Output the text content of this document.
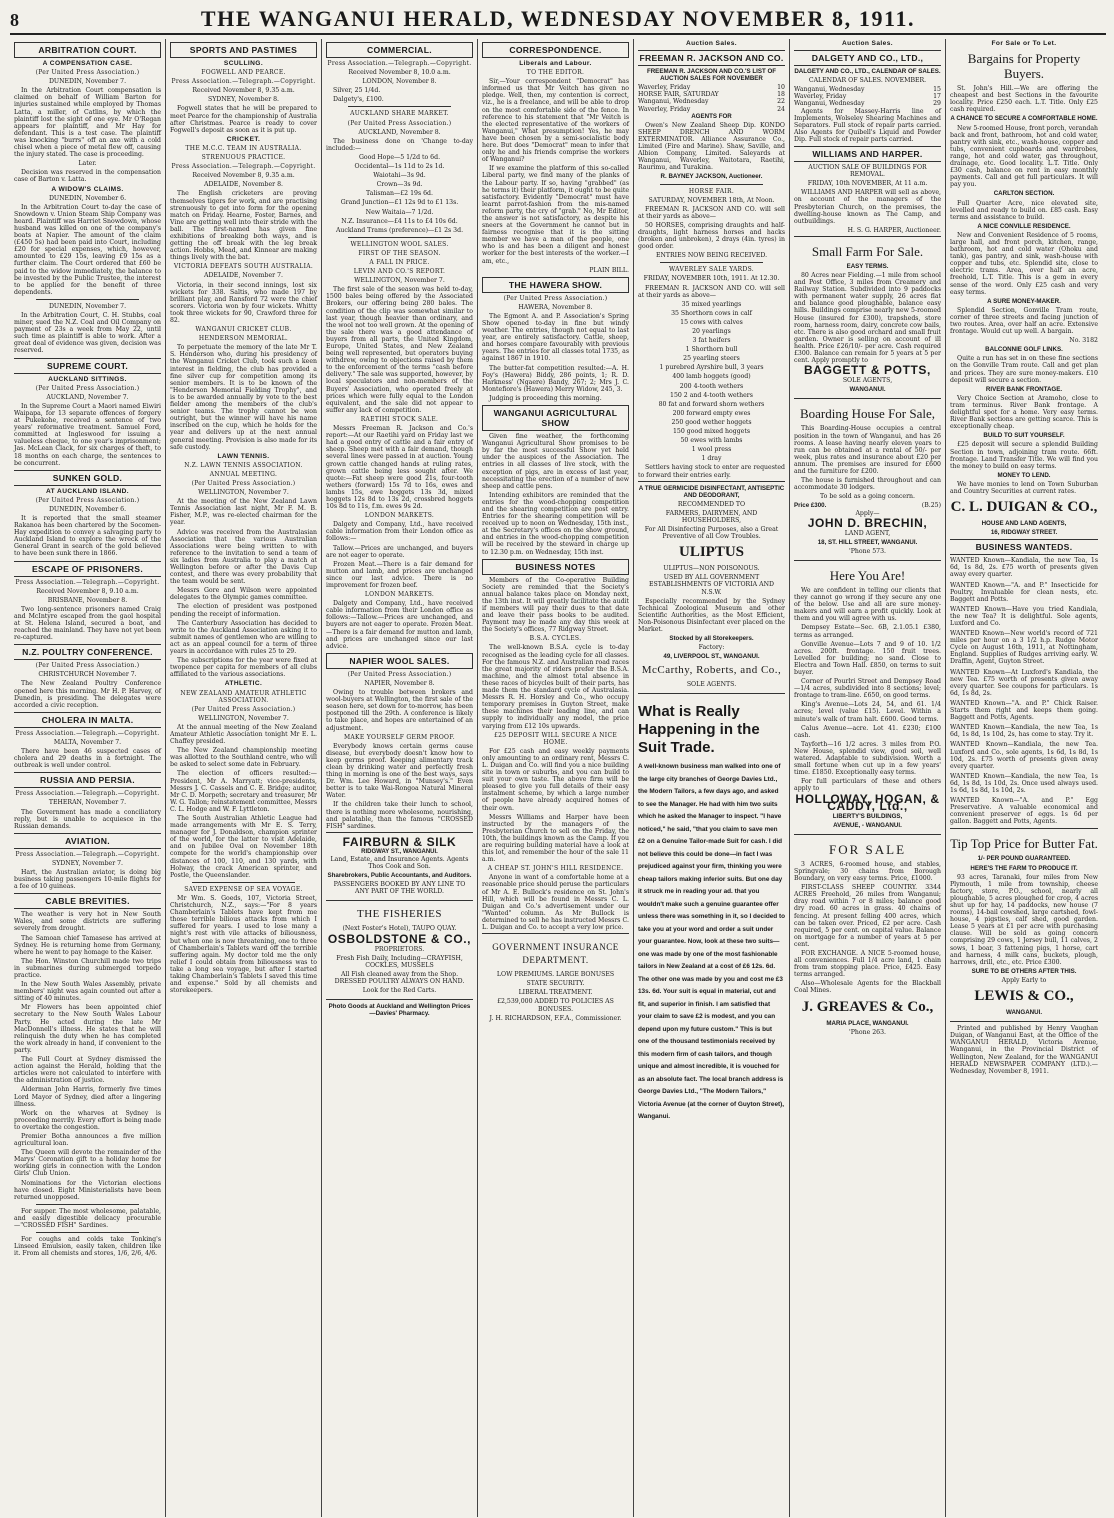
8	THE WANGANUI HERALD, WEDNESDAY NOVEMBER 8, 1911.
ARBITRATION COURT.
A COMPENSATION CASE.
(Per United Press Association.)

DUNEDIN, November 7.

In the Arbitration Court compensation is claimed on behalf of William Barton for injuries sustained while employed by Thomas Latta, a miller, of Catlins, by which the plaintiff lost the sight of one eye. Mr O'Regan appears for plaintiff, and Mr Hay for defendant. This is a test case. The plaintiff was knocking "burrs" off an axe with a cold chisel when a piece of metal flew off, causing the injury stated. The case is proceeding.

Later.

Decision was reserved in the compensation case of Barton v. Latta.

A WIDOW'S CLAIMS.

DUNEDIN, November 6.

In the Arbitration Court to-day the case of Snowdown v. Union Steam Ship Company was heard. Plaintiff was Harriet Snowdown, whose husband was killed on one of the company's boats at Napier. The amount of the claim (£450 5s) had been paid into Court, including £20 for special expenses, which, however, amounted to £29 15s, leaving £9 15s as a further claim. The Court ordered that £60 be paid to the widow immediately, the balance to be invested by the Public Trustee, the interest to be applied for the benefit of three dependents.

DUNEDIN, November 7.

In the Arbitration Court, C. H. Stubbs, coal miner, sued the N.Z. Coal and Oil Company on payment of 23s a week from May 22, until such time as plaintiff is able to work. After a great deal of evidence was given, decision was reserved.

SUPREME COURT.
AUCKLAND SITTINGS.
(Per United Press Association.)

AUCKLAND, November 7.

In the Supreme Court a Maori named Eiwiri Waipapa, for 13 separate offences of forgery at Pukekohe, received a sentence of two years' reformative treatment. Samuel Ford, committed at Ingleswood for issuing a valueless cheque, to one year's imprisonment; Jas. McLean Clack, for six charges of theft, to 18 months on each charge, the sentences to be concurrent.

SUNKEN GOLD.
AT AUCKLAND ISLAND.
(Per United Press Association.)

DUNEDIN, November 6.

It is reported that the small steamer Rakanoa has been chartered by the Socomen-Hay expedition to convey a salvaging party to Auckland Island to explore the wreck of the General Grant in search of the gold believed to have been sunk there in 1866.

ESCAPE OF PRISONERS.
Press Association.—Telegraph.—Copyright.

Received November 8, 9.10 a.m.

BRISBANE, November 8.

Two long-sentence prisoners named Craig and McIntyre escaped from the gaol hospital at St. Helena Island, secured a boat, and reached the mainland. They have not yet been re-captured.

N.Z. POULTRY CONFERENCE.
(Per United Press Association.)

CHRISTCHURCH November 7.

The New Zealand Poultry Conference opened here this morning. Mr H. P. Harvey, of Dunedin, is presiding. The delegates were accorded a civic reception.

CHOLERA IN MALTA.
Press Association.—Telegraph.—Copyright.

MALTA, November 7.

There have been 46 suspected cases of cholera and 29 deaths in a fortnight. The outbreak is well under control.

RUSSIA AND PERSIA.
Press Association.—Telegraph.—Copyright.

TEHERAN, November 7.

The Government has made a conciliatory reply, but is unable to acquiesce in the Russian demands.

AVIATION.
Press Association.—Telegraph.—Copyright.

SYDNEY, November 7.

Hart, the Australian aviator, is doing big business taking passengers 10-mile flights for a fee of 10 guineas.

CABLE BREVITIES.

The weather is very hot in New South Wales, and some districts are suffering severely from drought.

The Samoan chief Tamasese has arrived at Sydney. He is returning home from Germany, where he went to pay homage to the Kaiser.

The Hon. Winston Churchill made two trips in submarines during submerged torpedo practice.

In the New South Wales Assembly, private members' night was again counted out after a sitting of 40 minutes.

Mr Flowers has been appointed chief secretary to the New South Wales Labour Party. He acted during the late Mr MacDonnell's illness. He states that he will relinquish the duty when he has completed the work already in hand, if convenient to the party.

The Full Court at Sydney dismissed the action against the Herald, holding that the articles were not calculated to interfere with the administration of justice.

Alderman John Harris, formerly five times Lord Mayor of Sydney, died after a lingering illness.

Work on the wharves at Sydney is proceeding merrily. Every effort is being made to overtake the congestion.

Premier Botha announces a five million agricultural loan.

The Queen will devote the remainder of the Marys' Coronation gift to a holiday home for working girls in connection with the London Girls' Club Union.

Nominations for the Victorian elections have closed. Eight Ministerialists have been returned unopposed.

For supper. The most wholesome, palatable, and easily digestible delicacy procurable—"CROSSED FISH" Sardines.

For coughs and colds take Tonking's Linseed Emulsion, easily taken, children like it. From all chemists and stores, 1/6, 2/6, 4/6.

SPORTS AND PASTIMES
SCULLING.
FOGWELL AND PEARCE.
Press Association.—Telegraph.—Copyright.

Received November 8, 9.35 a.m.

SYDNEY, November 8.

Fogwell states that he will be prepared to meet Pearce for the championship of Australia after Christmas. Pearce is ready to cover Fogwell's deposit as soon as it is put up.

CRICKET.
THE M.C.C. TEAM IN AUSTRALIA.
STRENUOUS PRACTICE.
Press Association.—Telegraph.—Copyright.

Received November 8, 9.35 a.m.

ADELAIDE, November 8.

The English cricketers are proving themselves tigers for work, and are practising strenuously to get into form for the opening match on Friday. Hearne, Foster, Barnes, and Vine are getting well into their stride with the ball. The first-named has given fine exhibitions of breaking both ways, and is getting the off break with the leg break action. Hobbs, Mead, and Kinnear are making things lively with the bat.

VICTORIA DEFEATS SOUTH AUSTRALIA.

ADELAIDE, November 7.

Victoria, in their second innings, lost six wickets for 338. Saltis, who made 197 by brilliant play, and Ransford 72 were the chief scorers. Victoria won by four wickets. Whitty took three wickets for 90, Crawford three for 82.

WANGANUI CRICKET CLUB.
HENDERSON MEMORIAL.

To perpetuate the memory of the late Mr T. S. Henderson who, during his presidency of the Wanganui Cricket Club, took such a keen interest in fielding, the club has provided a fine silver cup for competition among its senior members. It is to be known of the "Henderson Memorial Fielding Trophy", and is to be awarded annually by vote to the best fielder among the members of the club's senior teams. The trophy cannot be won outright, but the winner will have his name inscribed on the cup, which he holds for the year and delivers up at the next annual general meeting. Provision is also made for its safe custody.

LAWN TENNIS.
N.Z. LAWN TENNIS ASSOCIATION.
ANNUAL MEETING.
(Per United Press Association.)

WELLINGTON, November 7.

At the meeting of the New Zealand Lawn Tennis Association last night, Mr F. M. B. Fisher, M.P., was re-elected chairman for the year.

Advice was received from the Australasian Association that the various Australian Associations were being written to with reference to the invitation to send a team of six ladies from Australia to play a match at Wellington before or after the Davis Cup contest, and there was every probability that the team would be sent.

Messrs Gore and Wilson were appointed delegates to the Olympic games committee.

The election of president was postponed pending the receipt of information.

The Canterbury Association has decided to write to the Auckland Association asking it to submit names of gentlemen who are willing to act as an appeal council for a term of three years in accordance with rules 25 to 29.

The subscriptions for the year were fixed at twopence per capita for members of all clubs affiliated to the various associations.

ATHLETIC.
NEW ZEALAND AMATEUR ATHLETIC ASSOCIATION.
(Per United Press Association.)

WELLINGTON, November 7.

At the annual meeting of the New Zealand Amateur Athletic Association tonight Mr E. L. Chaffey presided.

The New Zealand championship meeting was allotted to the Southland centre, who will be asked to select some date in February.

The election of officers resulted:—President, Mr A. Marryatt; vice-presidents, Messrs J. C. Cassels and C. E. Bridge; auditor, Mr C. D. Morpeth; secretary and treasurer, Mr W. G. Tallon; reinstatement committee, Messrs C. L. Hodge and W. F. Lyttleton.

The South Australian Athletic League had made arrangements with Mr E. S. Terry, manager for J. Donaldson, champion sprinter of the world, for the latter to visit Adelaide, and on Jubilee Oval on November 18th compete for the world's championship over distances of 100, 110, and 130 yards, with Holway, the crack American sprinter, and Postle, the Queenslander.

SAVED EXPENSE OF SEA VOYAGE.

Mr Wm. S. Goeds, 107, Victoria Street, Christchurch, N.Z., says:—"For 8 years Chamberlain's Tablets have kept from me those terrible bilious attacks from which I suffered for years. I used to lose many a night's rest with vile attacks of biliousness, but when one is now threatening, one to three of Chamberlain's Tablets ward off the terrible suffering again. My doctor told me the only relief I could obtain from biliousness was to take a long sea voyage, but after I started taking Chamberlain's Tablets I saved this time and expense." Sold by all chemists and storekeepers.

COMMERCIAL.
Press Association.—Telegraph.—Copyright.

Received November 8, 10.0 a.m.

LONDON, November 8.

Silver, 25 1/4d.

Dalgety's, £100.

AUCKLAND SHARE MARKET.
(Per United Press Association.)

AUCKLAND, November 8.

The business done on 'Change to-day included:—

Good Hope—5 1/2d to 6d.

Occidental—1s 11d to 2s 1d.

Waiotahi—3s 9d.

Crown—3s 9d.

Talisman—£2 19s 6d.

Grand Junction—£1 12s 9d to £1 13s.

New Waitaia—7 1/2d.

N.Z. Insurance—£4 11s to £4 10s 6d.

Auckland Trams (preference)—£1 2s 3d.

WELLINGTON WOOL SALES.
FIRST OF THE SEASON.
A FALL IN PRICE.
LEVIN AND CO.'S REPORT.

WELLINGTON, November 7.

The first sale of the season was held to-day, 1500 bales being offered by the Associated Brokers, our offering being 280 bales. The condition of the clip was somewhat similar to last year, though heavier than ordinary, and the wool not too well grown. At the opening of the sale there was a good attendance of buyers from all parts, the United Kingdom, Europe, United States, and New Zealand being well represented, but operators buying withdrew, owing to objections raised by them to the enforcement of the terms "cash before delivery." The sale was supported, however, by local speculators and non-members of the Buyers' Association, who operated freely at prices which were fully equal to the London equivalent, and the sale did not appear to suffer any lack of competition.

RAETIHI STOCK SALE.

Messrs Freeman R. Jackson and Co.'s report:—At our Raetihi yard on Friday last we had a good entry of cattle and a fair entry of sheep. Sheep met with a fair demand, though several lines were passed in at auction. Young grown cattle changed hands at ruling rates, grown cattle being less sought after. We quote:—Fat sheep were good 21s, four-tooth wethers (forward) 15s 7d to 16s, ewes and lambs 15s, ewe hoggets 13s 3d, mixed hoggets 12s 8d to 13s 2d, crossbred hoggets 10s 8d to 11s, f.m. ewes 9s 2d.

LONDON MARKETS.

Dalgety and Company, Ltd., have received cable information from their London office as follows:—

Tallow.—Prices are unchanged, and buyers are not eager to operate.

Frozen Meat.—There is a fair demand for mutton and lamb, and prices are unchanged since our last advice. There is no improvement for frozen beef.

LONDON MARKETS.

Dalgety and Company, Ltd., have received cable information from their London office as follows:—Tallow.—Prices are unchanged, and buyers are not eager to operate. Frozen Meat.—There is a fair demand for mutton and lamb, and prices are unchanged since our last advice.

NAPIER WOOL SALES.
(Per United Press Association.)

NAPIER, November 8.

Owing to trouble between brokers and wool-buyers at Wellington, the first sale of the season here, set down for to-morrow, has been postponed till the 29th. A conference is likely to take place, and hopes are entertained of an adjustment.

MAKE YOURSELF GERM PROOF.

Everybody knows certain germs cause disease, but everybody doesn't know how to keep germs proof. Keeping alimentary track clean by drinking water and perfectly fresh thing in morning is one of the best ways, says Dr. Wm. Lee Howard, in "Munsey's." Even better is to take Wai-Rongoa Natural Mineral Water.

If the children take their lunch to school, there is nothing more wholesome, nourishing, and palatable, than the famous "CROSSED FISH" sardines.

FAIRBURN & SILK
RIDGWAY ST., WANGANUI.

Land, Estate, and Insurance Agents. Agents Thos Cook and Son.

Sharebrokers, Public Accountants, and Auditors.

PASSENGERS BOOKED BY ANY LINE TO ANY PART OF THE WORLD.

THE FISHERIES

(Next Foster's Hotel), TAUPO QUAY.

OSBOLDSTONE & CO.,

PROPRIETORS.

Fresh Fish Daily, Including—CRAYFISH, COCKLES, MUSSELS

All Fish cleaned away from the Shop. DRESSED POULTRY ALWAYS ON HAND.

Look for the Red Carts.

Photo Goods at Auckland and Wellington Prices—Davies' Pharmacy.

CORRESPONDENCE.
Liberals and Labour.
TO THE EDITOR.

Sir,—Your correspondent "Democrat" has informed us that Mr Veitch has given no pledge. Well, then, my contention is correct, viz., he is a freelance, and will be able to drop on the most comfortable side of the fence. In reference to his statement that "Mr Veitch is the elected representative of the workers of Wanganui," What presumption! Yes, he may have been chosen by a semi-socialistic body here. But does "Democrat" mean to infer that only he and his friends comprise the workers of Wanganui?

If we examine the platform of this so-called Liberal party, we find many of the planks of the Labour party. If so, having "grabbed" (as he terms it) their platform, it ought to be quite satisfactory. Evidently "Democrat" must have learnt parrot-fashion from the mis-named reform party, the cry of "grab." No, Mr Editor, the answer is not satisfactory, as despite his sneers at the Government he cannot but in fairness recognise that it is the sitting member we have a man of the people, one who is and has been a diligent and honest worker for the best interests of the worker.—I am, etc.,

PLAIN BILL.

THE HAWERA SHOW.
(Per United Press Association.)

HAWERA, November 8.

The Egmont A. and P. Association's Spring Show opened to-day in fine but windy weather. The entries, though not equal to last year, are entirely satisfactory. Cattle, sheep, and horses compare favourably with previous years. The entries for all classes total 1735, as against 1867 in 1910.

The butter-fat competition resulted:—A. H. Foy's (Hawera) Biddy, 286 points, 1; R. D. Harkness' (Ngaere) Bandy, 267; 2; Mrs J. C. Montefiore's (Hawera) Merry Widow, 245, 3.

Judging is proceeding this morning.

WANGANUI AGRICULTURAL SHOW

Given fine weather, the forthcoming Wanganui Agricultural Show promises to be by far the most successful Show yet held under the auspices of the Association. The entries in all classes of live stock, with the exception of pigs, are in excess of last year, necessitating the erection of a number of new sheep and cattle pens.

Intending exhibitors are reminded that the entries for the wood-chopping competition and the shearing competition are post entry. Entries for the shearing competition will be received up to noon on Wednesday, 15th inst., at the Secretary's offices on the show ground, and entries in the wood-chopping competition will be received by the steward in charge up to 12.30 p.m. on Wednesday, 15th inst.

BUSINESS NOTES

Members of the Co-operative Building Society are reminded that the Society's annual balance takes place on Monday next, the 13th inst. It will greatly facilitate the audit if members will pay their dues to that date and leave their pass books to be audited. Payment may be made any day this week at the Society's offices, 77 Ridgway Street.

B.S.A. CYCLES.

The well-known B.S.A. cycle is to-day recognised as the leading cycle for all classes. For the famous N.Z. and Australian road races the great majority of riders prefer the B.S.A. machine, and the almost total absence in these races of bicycles built of their parts, has made them the standard cycle of Australasia. Messrs R. H. Horsley and Co., who occupy temporary premises in Guyton Street, make these machines their leading line, and can supply to individually any model, the price varying from £12 10s upwards.

£25 DEPOSIT WILL SECURE A NICE HOME.

For £25 cash and easy weekly payments only amounting to an ordinary rent, Messrs C. L. Duigan and Co. will find you a nice building site in town or suburbs, and you can build to suit your own taste. The above firm will be pleased to give you full details of their easy instalment scheme, by which a large number of people have already acquired homes of their own.

Messrs Williams and Harper have been instructed by the managers of the Presbyterian Church to sell on the Friday, the 10th, the buildings known as the Camp. If you are requiring building material have a look at this lot, and remember the hour of the sale 11 a.m.

A CHEAP ST. JOHN'S HILL RESIDENCE.

Anyone in want of a comfortable home at a reasonable price should peruse the particulars of Mr A. E. Bullock's residence on St. John's Hill, which will be found in Messrs C. L. Duigan and Co.'s advertisement under our "Wanted" column. As Mr Bullock is determined to sell he has instructed Messrs C. L. Duigan and Co. to accept a very low price.

GOVERNMENT INSURANCE DEPARTMENT.

LOW PREMIUMS. LARGE BONUSES

STATE SECURITY.

LIBERAL TREATMENT.

£2,539,000 ADDED TO POLICIES AS BONUSES.

J. H. RICHARDSON, F.F.A., Commissioner.

Auction Sales.
FREEMAN R. JACKSON AND CO.

FREEMAN R. JACKSON AND CO.'S LIST OF AUCTION SALES FOR NOVEMBER

Waverley, Friday	10
HORSE FAIR, SATURDAY	18
Wanganui, Wednesday	22
Waverley, Friday	24

AGENTS FOR

Owen's New Zealand Sheep Dip. KONDO SHEEP DRENCH AND WORM EXTERMINATOR. Alliance Assurance Co., Limited (Fire and Marine). Shaw, Saville, and Albion Company, Limited. Saleyards at Wanganui, Waverley, Waitotara, Raetihi, Raurimu, and Turakina.

R. BAYNEY JACKSON, Auctioneer.

HORSE FAIR.

SATURDAY, NOVEMBER 18th, At Noon.

FREEMAN R. JACKSON AND CO. will sell at their yards as above—

50 HORSES, comprising draughts and half-draughts, light harness horses and hacks (broken and unbroken), 2 drays (4in. tyres) in good order.

ENTRIES NOW BEING RECEIVED.

WAVERLEY SALE YARDS.

FRIDAY, NOVEMBER 10th, 1911. At 12.30.

FREEMAN R. JACKSON AND CO. will sell at their yards as above—

35 mixed yearlings

35 Shorthorn cows in calf

15 cows with calves

20 yearlings

3 fat heifers

1 Shorthorn bull

25 yearling steers

1 purebred Ayrshire bull, 3 years

400 lamb hoggets (good)

200 4-tooth wethers

150 2 and 4-tooth wethers

80 fat and forward shorn wethers

200 forward empty ewes

250 good wether hoggets

150 good mixed hoggets

50 ewes with lambs

1 wool press

1 dray

Settlers having stock to enter are requested to forward their entries early.

A TRUE GERMICIDE DISINFECTANT, ANTISEPTIC AND DEODORANT,

RECOMMENDED TO

FARMERS, DAIRYMEN, AND HOUSEHOLDERS,

For All Disinfecting Purposes, also a Great Preventive of all Cow Troubles.

ULIPTUS

ULIPTUS—NON POISONOUS.

USED BY ALL GOVERNMENT ESTABLISHMENTS OF VICTORIA AND N.S.W.

Especially recommended by the Sydney Technical Zoological Museum and other Scientific Authorities, as the Most Efficient, Non-Poisonous Disinfectant ever placed on the Market.

Stocked by all Storekeepers.

Factory:

49, LIVERPOOL ST., WANGANUI.

McCarthy, Roberts, and Co.,

SOLE AGENTS.

What is Really Happening in the Suit Trade.
A well-known business man walked into one of the large city branches of George Davies Ltd., the Modern Tailors, a few days ago, and asked to see the Manager. He had with him two suits which he asked the Manager to inspect. "I have noticed," he said, "that you claim to save men £2 on a Genuine Tailor-made Suit for cash. I did not believe this could be done—in fact I was prejudiced against your firm, thinking you were cheap tailors making inferior suits. But one day it struck me in reading your ad. that you wouldn't make such a genuine guarantee offer unless there was something in it, so I decided to take you at your word and order a suit under your guarantee. Now, look at these two suits—one was made by one of the most fashionable tailors in New Zealand at a cost of £6 12s. 6d. The other one was made by you and cost me £3 13s. 6d. Your suit is equal in material, cut and fit, and superior in finish. I am satisfied that your claim to save £2 is modest, and you can depend upon my future custom." This is but one of the thousand testimonials received by this modern firm of cash tailors, and though unique and almost incredible, it is vouched for as an absolute fact. The local branch address is George Davies Ltd., "The Modern Tailors," Victoria Avenue (at the corner of Guyton Street), Wanganui.
Auction Sales.
DALGETY AND CO., LTD.,

DALGETY AND CO., LTD., CALENDAR OF SALES.

CALENDAR OF SALES. NOVEMBER.

Wanganui, Wednesday	15
Waverley, Friday	17
Wanganui, Wednesday	29

Agents for Massey-Harris line of Implements, Wolseley Shearing Machines and Separators. Full stock of repair parts carried. Also Agents for Quibell's Liquid and Powder Dip. Full stock of repair parts carried.

WILLIAMS AND HARPER.

AUCTION SALE OF BUILDINGS FOR REMOVAL.

FRIDAY, 10th NOVEMBER, At 11 a.m.

WILLIAMS AND HARPER will sell as above, on account of the managers of the Presbyterian Church, on the premises, the dwelling-house known as The Camp, and outbuildings.

H. S. G. HARPER, Auctioneer.

Small Farm For Sale.

EASY TERMS.

80 Acres near Fielding.—1 mile from school and Post Office, 3 miles from Creamery and Railway Station. Subdivided into 9 paddocks with permanent water supply, 26 acres flat and balance good ploughable, balance easy hills. Buildings comprise nearly new 5-roomed House (insured for £300), trapsheds, store room, harness room, dairy, concrete cow bails, etc. There is also good orchard and small fruit garden. Owner is selling on account of ill health. Price £26/10/- per acre. Cash required £300. Balance can remain for 5 years at 5 per cent. Apply promptly to

BAGGETT & POTTS,

SOLE AGENTS,

WANGANUI.

Boarding House For Sale,

This Boarding-House occupies a central position in the town of Wanganui, and has 26 rooms. A lease having nearly eleven years to run can be obtained at a rental of 50/- per week, plus rates and insurance about £20 per annum. The premises are insured for £600 and the furniture for £200.

The house is furnished throughout and can accommodate 30 lodgers.

To be sold as a going concern.

Price £300.	(B.25)

Apply—

JOHN D. BRECHIN,

LAND AGENT,

18, ST. HILL STREET, WANGANUI.

'Phone 573.

Here You Are!

We are confident in telling our clients that they cannot go wrong if they secure any one of the below. Use and all are sure money-makers and will earn a profit quickly. Look at them and you will agree with us.

Dempsey Estate—Sec. 6B, 2.1.05.1 £380, terms as arranged.

Gonville Avenue—Lots 7 and 9 of 10. 1/2 acres. 200ft. frontage. 150 fruit trees. Levelled for building; no sand. Close to Electra and Town Hall. £850, on terms to suit buyer.

Corner of Pourlri Street and Dempsey Road—1/4 acres, subdivided into 8 sections; level; frontage to tram-line. £650, on good terms.

King's Avenue—Lots 24, 54, and 61. 1/4 acres; level (value £15). Level. Within a minute's walk of tram halt. £600. Good terms.

Calus Avenue—acre. Lot 41. £230; £100 cash.

Tayforth—16 1/2 acres. 3 miles from P.O. New House, splendid view, good soil, well watered. Adaptable to subdivision. Worth a small fortune when cut up in a few years' time. £1850. Exceptionally easy terms.

For full particulars of these and others apply to

HOLLOWAY, HOGAN, & CADDY, Ltd.,

LIBERTY'S BUILDINGS,

AVENUE, - WANGANUI.

FOR SALE

3 ACRES, 6-roomed house, and stables, Springvale; 30 chains from Borough Boundary, on very easy terms. Price, £1000.

FIRST-CLASS SHEEP COUNTRY. 3344 ACRES Freehold, 26 miles from Wanganui; dray road within 7 or 8 miles; balance good dry road. 60 acres in grass. 40 chains of fencing. At present felling 400 acres, which can be taken over. Priced, £2 per acre. Cash required, 5 per cent. on capital value. Balance on mortgage for a number of years at 5 per cent.

FOR EXCHANGE. A NICE 5-roomed house, all conveniences. Full 1/4 acre land, 1 chain from tram stopping place. Price, £425. Easy terms arranged.

Also—Wholesale Agents for the Blackball Coal Mines.

J. GREAVES & Co.,

MARIA PLACE, WANGANUI.

'Phone 263.

For Sale or To Let.
Bargains for Property Buyers.

St. John's Hill.—We are offering the cheapest and best Sections in the favourite locality. Price £250 each. L.T. Title. Only £25 cash required.

A CHANCE TO SECURE A COMFORTABLE HOME.

New 5-roomed House, front porch, verandah back and front, bathroom, hot and cold water, pantry with sink, etc., wash-house, copper and tubs, convenient cupboards and wardrobes, range, hot and cold water, gas throughout, drainage, etc. Good locality. L.T. Title. Only £30 cash, balance on rent in easy monthly payments. Call and get full particulars. It will pay you.

CARLTON SECTION.

Full Quarter Acre, nice elevated site, levelled and ready to build on. £85 cash. Easy terms and assistance to build.

A NICE CONVILLE RESIDENCE.

New and Convenient Residence of 5 rooms, large hall, and front porch, kitchen, range, bathroom, hot and cold water (Ohoku and tank), gas pantry, and sink, wash-house with copper and tubs, etc. Splendid site, close to electric trams. Area, over half an acre, freehold, L.T. Title. This is a gem in every sense of the word. Only £25 cash and very easy terms.

A SURE MONEY-MAKER.

Splendid Section, Gonville Tram route, corner of three streets and facing junction of two routes. Area, over half an acre. Extensive frontage. Would cut up well. A bargain.

No. 3182

BALCONNIE GOLF LINKS.

Quite a run has set in on these fine sections on the Gonville Tram route. Call and get plan and prices. They are sure money-makers. £10 deposit will secure a section.

RIVER BANK FRONTAGE.

Very Choice Section at Aramoho, close to tram terminus. River Bank frontage. A delightful spot for a home. Very easy terms. River Bank sections are getting scarce. This is exceptionally cheap.

BUILD TO SUIT YOURSELF.

£25 deposit will secure a splendid Building Section in town, adjoining tram route. 66ft. frontage. Land Transfer Title. We will find you the money to build on easy terms.

MONEY TO LEND.

We have monies to lend on Town Suburban and Country Securities at current rates.

C. L. DUIGAN & CO.,

HOUSE AND LAND AGENTS,

16, RIDGWAY STREET.

BUSINESS WANTEDS.

WANTED Known—Kandiala, the new Tea, 1s 6d, 1s 8d, 2s. £75 worth of presents given away every quarter.

WANTED Known—"A. and P." Insecticide for Poultry, Invaluable for clean nests, etc. Baggett and Potts.

WANTED Known—Have you tried Kandiala, the new Tea? It is delightful. Sole agents, Luxford and Co.

WANTED Known—New world's record of 721 miles per hour on a 3 1/2 h.p. Rudge Motor Cycle on August 16th, 1911, at Nottingham, England. Supplies of Rudges arriving early. W. Draffin, Agent, Guyton Street.

WANTED Known—At Luxford's Kandiala, the new Tea. £75 worth of presents given away every quarter. See coupons for particulars. 1s 6d, 1s 8d, 2s.

WANTED Known—"A. and P." Chick Raiser. Starts them right and keeps them going. Baggett and Potts, Agents.

WANTED Known—Kandiala, the new Tea, 1s 6d, 1s 8d, 1s 10d, 2s, has come to stay. Try it.

WANTED Known—Kandiala, the new Tea. Luxford and Co., sole agents, 1s 6d, 1s 8d, 1s 10d, 2s. £75 worth of presents given away every quarter.

WANTED Known—Kandiala, the new Tea, 1s 6d, 1s 8d, 1s 10d, 2s. Once used always used. 1s 6d, 1s 8d, 1s 10d, 2s.

WANTED Known—"A. and P." Egg Preservative. A valuable economical and convenient preserver of eggs. 1s 6d per gallon. Baggett and Potts, Agents.

Tip Top Price for Butter Fat.

1/- PER POUND GUARANTEED.

HERE'S THE FARM TO PRODUCE IT.

93 acres, Taranaki, four miles from New Plymouth, 1 mile from township, cheese factory, store, P.O., school, nearly all ploughable, 5 acres ploughed for crop, 4 acres shut up for hay, 14 paddocks, new house (7 rooms), 14-bail cowshed, large cartshed, fowl-house, 4 pigsties, calf shed, good garden. Lease 5 years at £1 per acre with purchasing clause. Will be sold as going concern comprising 29 cows, 1 Jersey bull, 11 calves, 2 sows, 1 boar, 3 fattening pigs, 1 horse, cart and harness, 4 milk cans, buckets, plough, harrows, drill, etc., etc. Price £300.

SURE TO BE OTHERS AFTER THIS.

Apply Early to

LEWIS & CO.,

WANGANUI.

Printed and published by Henry Vaughan Duigan, of Wanganui East, at the Office of the WANGANUI HERALD, Victoria Avenue, Wanganui, in the Provincial District of Wellington, New Zealand, for the WANGANUI HERALD NEWSPAPER COMPANY (LTD.).— Wednesday, November 8, 1911.
